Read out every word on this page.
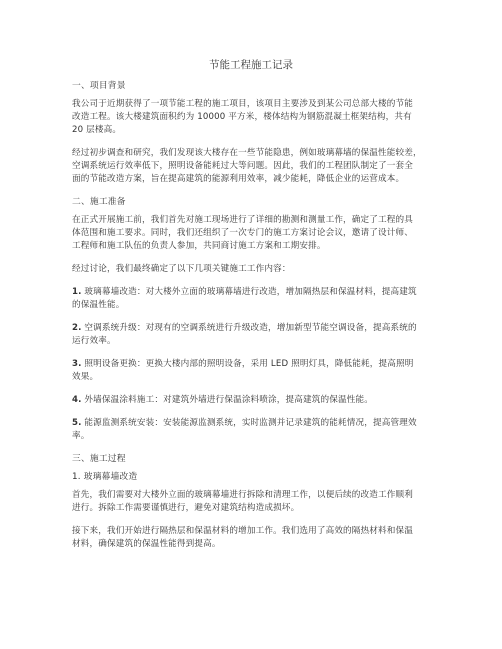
节能工程施工记录
一、项目背景
我公司于近期获得了一项节能工程的施工项目，该项目主要涉及到某公司总部大楼的节能
改造工程。该大楼建筑面积约为 10000 平方米，楼体结构为钢筋混凝土框架结构，共有
20 层楼高。
经过初步调查和研究，我们发现该大楼存在一些节能隐患，例如玻璃幕墙的保温性能较差，
空调系统运行效率低下，照明设备能耗过大等问题。因此，我们的工程团队制定了一套全
面的节能改造方案，旨在提高建筑的能源利用效率，减少能耗，降低企业的运营成本。
二、施工准备
在正式开展施工前，我们首先对施工现场进行了详细的勘测和测量工作，确定了工程的具
体范围和施工要求。同时，我们还组织了一次专门的施工方案讨论会议，邀请了设计师、
工程师和施工队伍的负责人参加，共同商讨施工方案和工期安排。
经过讨论，我们最终确定了以下几项关键施工工作内容：
1. 玻璃幕墙改造：对大楼外立面的玻璃幕墙进行改造，增加隔热层和保温材料，提高建筑
的保温性能。
2. 空调系统升级：对现有的空调系统进行升级改造，增加新型节能空调设备，提高系统的
运行效率。
3. 照明设备更换：更换大楼内部的照明设备，采用 LED 照明灯具，降低能耗，提高照明
效果。
4. 外墙保温涂料施工：对建筑外墙进行保温涂料喷涂，提高建筑的保温性能。
5. 能源监测系统安装：安装能源监测系统，实时监测并记录建筑的能耗情况，提高管理效
率。
三、施工过程
1. 玻璃幕墙改造
首先，我们需要对大楼外立面的玻璃幕墙进行拆除和清理工作，以便后续的改造工作顺利
进行。拆除工作需要谨慎进行，避免对建筑结构造成损坏。
接下来，我们开始进行隔热层和保温材料的增加工作。我们选用了高效的隔热材料和保温
材料，确保建筑的保温性能得到提高。
